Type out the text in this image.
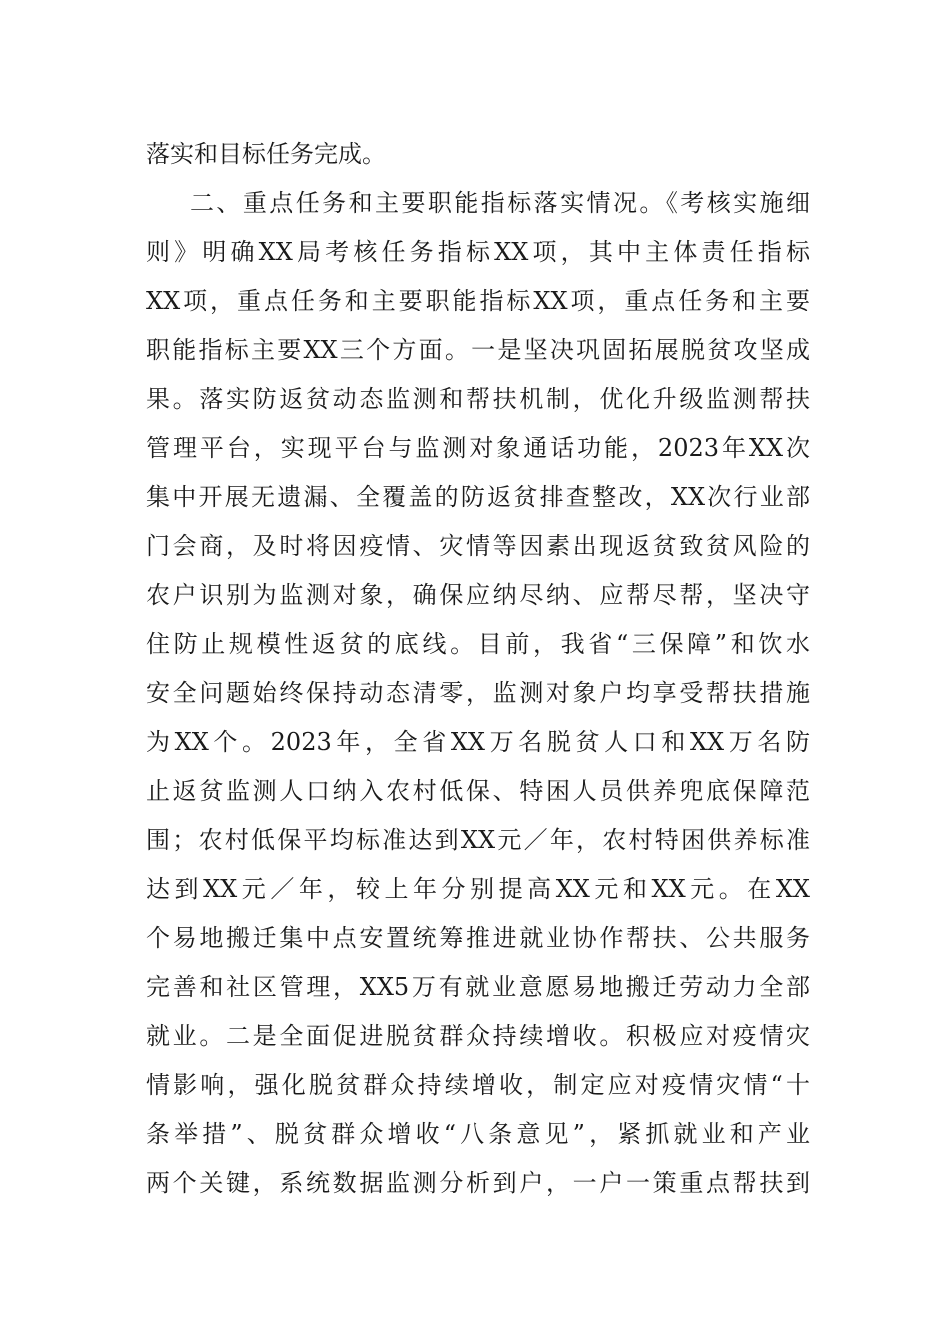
落实和目标任务完成。
二、重点任务和主要职能指标落实情况。《考核实施细
则》明确XX局考核任务指标XX项，其中主体责任指标
XX项，重点任务和主要职能指标XX项，重点任务和主要
职能指标主要XX三个方面。一是坚决巩固拓展脱贫攻坚成
果。落实防返贫动态监测和帮扶机制，优化升级监测帮扶
管理平台，实现平台与监测对象通话功能，2023年XX次
集中开展无遗漏、全覆盖的防返贫排查整改，XX次行业部
门会商，及时将因疫情、灾情等因素出现返贫致贫风险的
农户识别为监测对象，确保应纳尽纳、应帮尽帮，坚决守
住防止规模性返贫的底线。目前，我省“三保障”和饮水
安全问题始终保持动态清零，监测对象户均享受帮扶措施
为XX个。2023年，全省XX万名脱贫人口和XX万名防
止返贫监测人口纳入农村低保、特困人员供养兜底保障范
围；农村低保平均标准达到XX元／年，农村特困供养标准
达到XX元／年，较上年分别提高XX元和XX元。在XX
个易地搬迁集中点安置统筹推进就业协作帮扶、公共服务
完善和社区管理，XX5万有就业意愿易地搬迁劳动力全部
就业。二是全面促进脱贫群众持续增收。积极应对疫情灾
情影响，强化脱贫群众持续增收，制定应对疫情灾情“十
条举措”、脱贫群众增收“八条意见”，紧抓就业和产业
两个关键，系统数据监测分析到户，一户一策重点帮扶到
